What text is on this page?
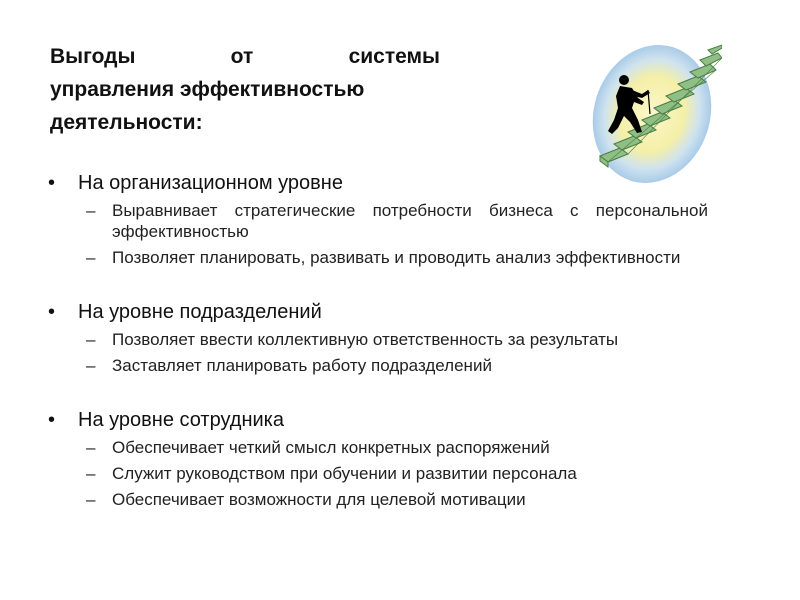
Выгоды от системы
управления эффективностью
деятельности:
• На организационном уровне
– Выравнивает стратегические потребности бизнеса с персональной эффективностью
– Позволяет планировать, развивать и проводить анализ эффективности
• На уровне подразделений
– Позволяет ввести коллективную ответственность за результаты
– Заставляет планировать работу подразделений
• На уровне сотрудника
– Обеспечивает четкий смысл конкретных распоряжений
– Служит руководством при обучении и развитии персонала
– Обеспечивает возможности для целевой мотивации
